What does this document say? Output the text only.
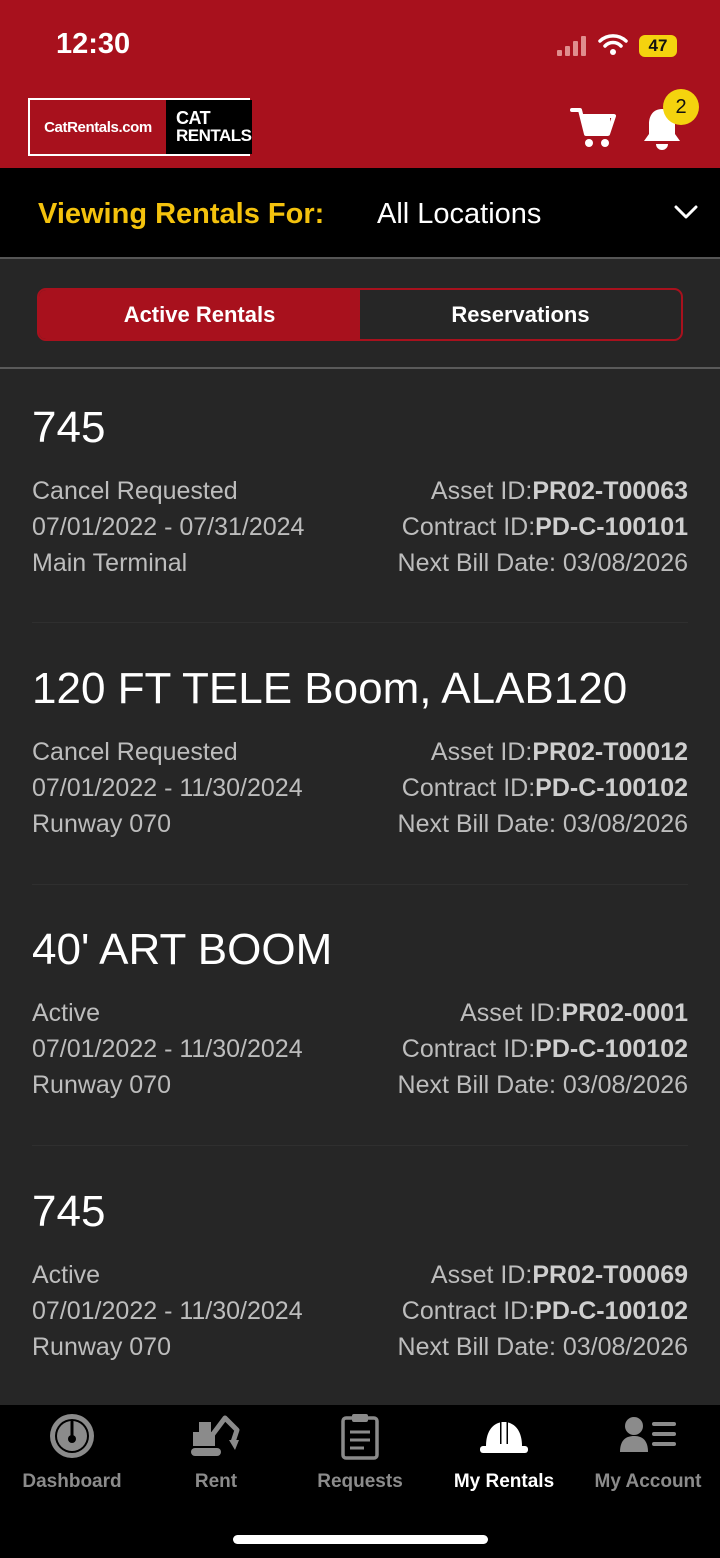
12:30	47
CatRentals.com	CAT
RENTALS
2
Viewing Rentals For: All Locations
Active Rentals	Reservations
745
Cancel Requested	Asset ID:PR02-T00063
07/01/2022 - 07/31/2024	Contract ID:PD-C-100101
Main Terminal	Next Bill Date: 03/08/2026
120 FT TELE Boom, ALAB120
Cancel Requested	Asset ID:PR02-T00012
07/01/2022 - 11/30/2024	Contract ID:PD-C-100102
Runway 070	Next Bill Date: 03/08/2026
40' ART BOOM
Active	Asset ID:PR02-0001
07/01/2022 - 11/30/2024	Contract ID:PD-C-100102
Runway 070	Next Bill Date: 03/08/2026
745
Active	Asset ID:PR02-T00069
07/01/2022 - 11/30/2024	Contract ID:PD-C-100102
Runway 070	Next Bill Date: 03/08/2026
Dashboard	Rent	Requests	My Rentals	My Account
